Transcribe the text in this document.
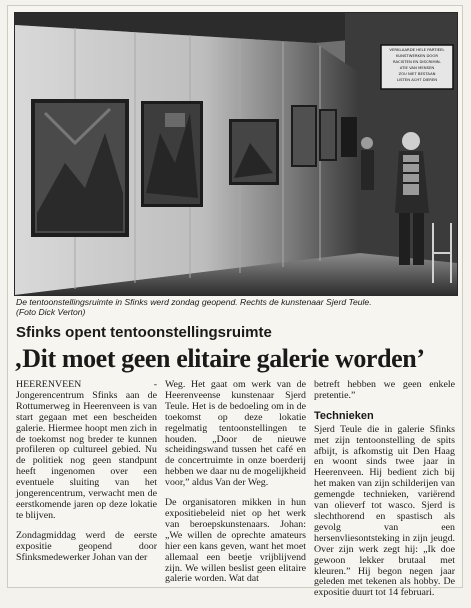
VERKLAARDE HELE PARTIEEL
KUNSTWERKEN DOOR
RACISTEN EN DISCRIMIN-
ATIE VAN MENSEN
ZOU NIET BESTAAN
LISTEN ACHT DIEREN
De tentoonstellingsruimte in Sfinks werd zondag geopend. Rechts de kunstenaar Sjerd Teule.
(Foto Dick Verton)
Sfinks opent tentoonstellingsruimte
‚Dit moet geen elitaire galerie worden’

HEERENVEEN - Jongerencentrum Sfinks aan de Rottumerweg in Heerenveen is van start gegaan met een bescheiden galerie. Hiermee hoopt men zich in de toekomst nog breder te kunnen profileren op cultureel gebied. Nu de politiek nog geen standpunt heeft ingenomen over een eventuele sluiting van het jongerencentrum, verwacht men de eerstkomende jaren op deze lokatie te blijven.

Zondagmiddag werd de eerste expositie geopend door Sfinksmedewerker Johan van der

Weg. Het gaat om werk van de Heerenveense kunstenaar Sjerd Teule. Het is de bedoeling om in de toekomst op deze lokatie regelmatig tentoonstellingen te houden. „Door de nieuwe scheidingswand tussen het café en de concertruimte in onze boerderij hebben we daar nu de mogelijkheid voor,” aldus Van der Weg.

De organisatoren mikken in hun expositiebeleid niet op het werk van beroepskunstenaars. Johan: „We willen de oprechte amateurs hier een kans geven, want het moet allemaal een beetje vrijblijvend zijn. We willen beslist geen elitaire galerie worden. Wat dat

betreft hebben we geen enkele pretentie.”

Technieken

Sjerd Teule die in galerie Sfinks met zijn tentoonstelling de spits afbijt, is afkomstig uit Den Haag en woont sinds twee jaar in Heerenveen. Hij bedient zich bij het maken van zijn schilderijen van gemengde technieken, variërend van olieverf tot wasco. Sjerd is slechthorend en spastisch als gevolg van een hersenvliesontsteking in zijn jeugd. Over zijn werk zegt hij: „Ik doe gewoon lekker brutaal met kleuren.” Hij begon negen jaar geleden met tekenen als hobby. De expositie duurt tot 14 februari.
